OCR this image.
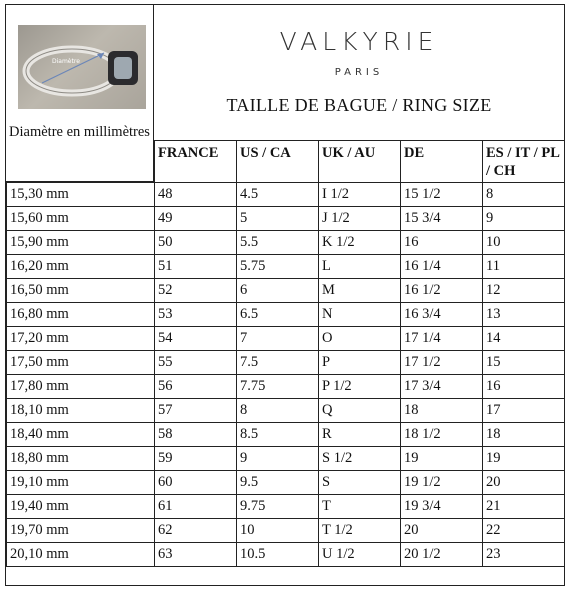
Diamètre
Diamètre en millimètres
VALKYRIE
PARIS
TAILLE DE BAGUE / RING SIZE
	FRANCE	US / CA	UK / AU	DE	ES / IT / PL / CH
15,30 mm	48	4.5	I 1/2	15 1/2	8
15,60 mm	49	5	J 1/2	15 3/4	9
15,90 mm	50	5.5	K 1/2	16	10
16,20 mm	51	5.75	L	16 1/4	11
16,50 mm	52	6	M	16 1/2	12
16,80 mm	53	6.5	N	16 3/4	13
17,20 mm	54	7	O	17 1/4	14
17,50 mm	55	7.5	P	17 1/2	15
17,80 mm	56	7.75	P 1/2	17 3/4	16
18,10 mm	57	8	Q	18	17
18,40 mm	58	8.5	R	18 1/2	18
18,80 mm	59	9	S 1/2	19	19
19,10 mm	60	9.5	S	19 1/2	20
19,40 mm	61	9.75	T	19 3/4	21
19,70 mm	62	10	T 1/2	20	22
20,10 mm	63	10.5	U 1/2	20 1/2	23
